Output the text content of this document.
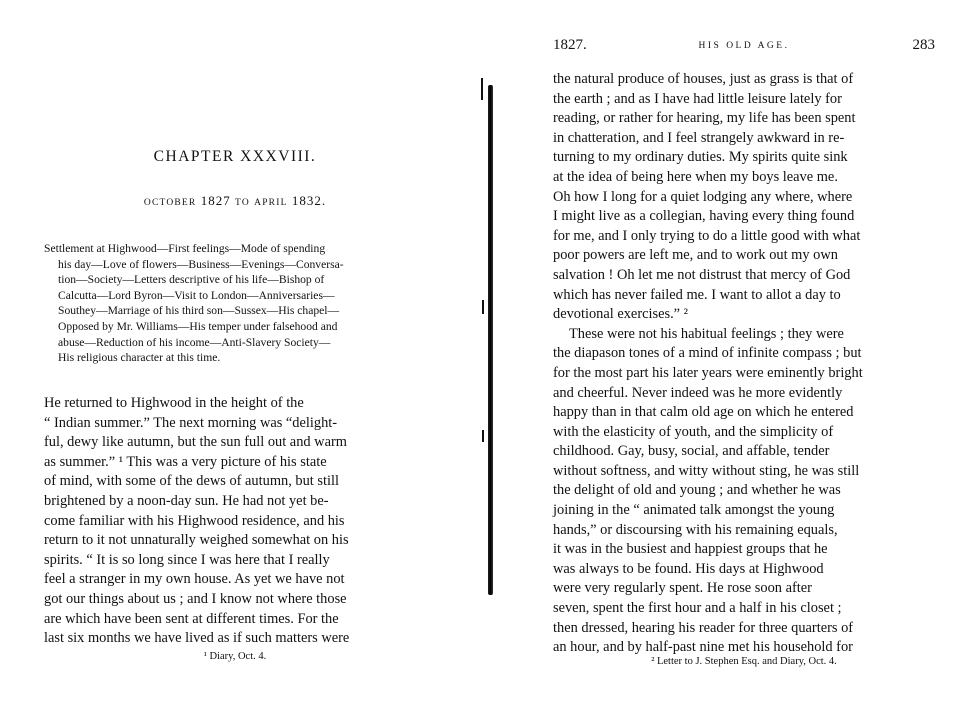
CHAPTER XXXVIII.
OCTOBER 1827 TO APRIL 1832.
Settlement at Highwood—First feelings—Mode of spending
his day—Love of flowers—Business—Evenings—Conversa-
tion—Society—Letters descriptive of his life—Bishop of
Calcutta—Lord Byron—Visit to London—Anniversaries—
Southey—Marriage of his third son—Sussex—His chapel—
Opposed by Mr. Williams—His temper under falsehood and
abuse—Reduction of his income—Anti-Slavery Society—
His religious character at this time.
He returned to Highwood in the height of the
“ Indian summer.” The next morning was “delight-
ful, dewy like autumn, but the sun full out and warm
as summer.” ¹ This was a very picture of his state
of mind, with some of the dews of autumn, but still
brightened by a noon-day sun. He had not yet be-
come familiar with his Highwood residence, and his
return to it not unnaturally weighed somewhat on his
spirits. “ It is so long since I was here that I really
feel a stranger in my own house. As yet we have not
got our things about us ; and I know not where those
are which have been sent at different times. For the
last six months we have lived as if such matters were
¹ Diary, Oct. 4.
1827.	HIS OLD AGE.	283
the natural produce of houses, just as grass is that of
the earth ; and as I have had little leisure lately for
reading, or rather for hearing, my life has been spent
in chatteration, and I feel strangely awkward in re-
turning to my ordinary duties. My spirits quite sink
at the idea of being here when my boys leave me.
Oh how I long for a quiet lodging any where, where
I might live as a collegian, having every thing found
for me, and I only trying to do a little good with what
poor powers are left me, and to work out my own
salvation ! Oh let me not distrust that mercy of God
which has never failed me. I want to allot a day to
devotional exercises.” ²
These were not his habitual feelings ; they were
the diapason tones of a mind of infinite compass ; but
for the most part his later years were eminently bright
and cheerful. Never indeed was he more evidently
happy than in that calm old age on which he entered
with the elasticity of youth, and the simplicity of
childhood. Gay, busy, social, and affable, tender
without softness, and witty without sting, he was still
the delight of old and young ; and whether he was
joining in the “ animated talk amongst the young
hands,” or discoursing with his remaining equals,
it was in the busiest and happiest groups that he
was always to be found. His days at Highwood
were very regularly spent. He rose soon after
seven, spent the first hour and a half in his closet ;
then dressed, hearing his reader for three quarters of
an hour, and by half-past nine met his household for
² Letter to J. Stephen Esq. and Diary, Oct. 4.
